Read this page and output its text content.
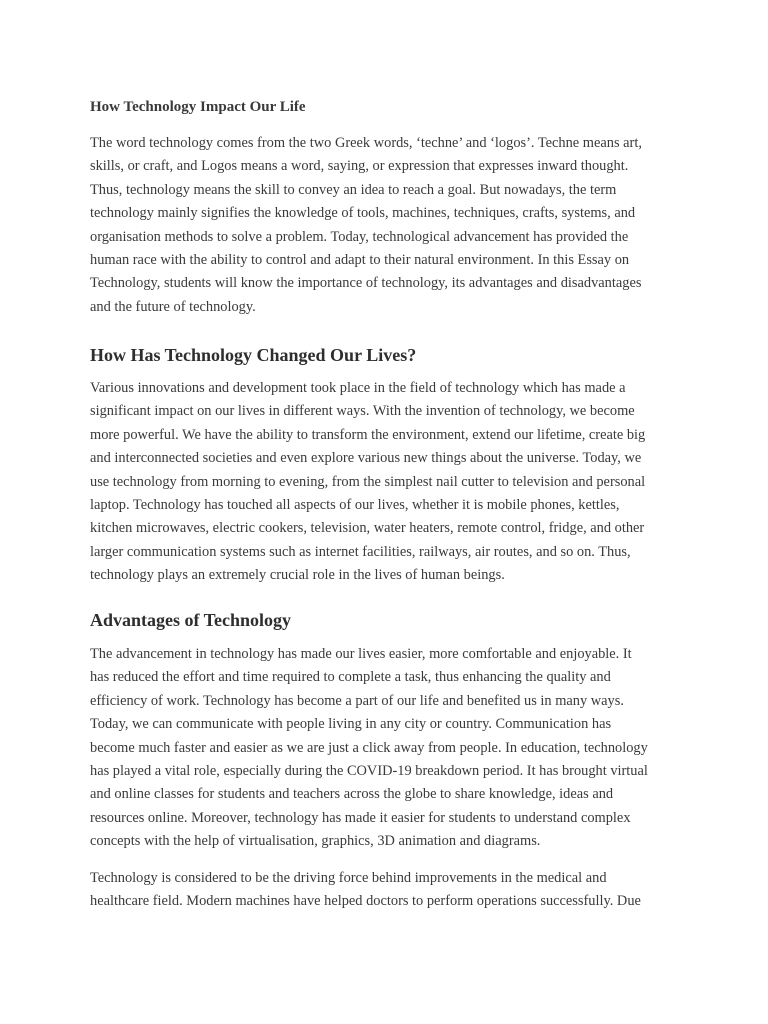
How Technology Impact Our Life

The word technology comes from the two Greek words, ‘techne’ and ‘logos’. Techne means art,
skills, or craft, and Logos means a word, saying, or expression that expresses inward thought.
Thus, technology means the skill to convey an idea to reach a goal. But nowadays, the term
technology mainly signifies the knowledge of tools, machines, techniques, crafts, systems, and
organisation methods to solve a problem. Today, technological advancement has provided the
human race with the ability to control and adapt to their natural environment. In this Essay on
Technology, students will know the importance of technology, its advantages and disadvantages
and the future of technology.

How Has Technology Changed Our Lives?

Various innovations and development took place in the field of technology which has made a
significant impact on our lives in different ways. With the invention of technology, we become
more powerful. We have the ability to transform the environment, extend our lifetime, create big
and interconnected societies and even explore various new things about the universe. Today, we
use technology from morning to evening, from the simplest nail cutter to television and personal
laptop. Technology has touched all aspects of our lives, whether it is mobile phones, kettles,
kitchen microwaves, electric cookers, television, water heaters, remote control, fridge, and other
larger communication systems such as internet facilities, railways, air routes, and so on. Thus,
technology plays an extremely crucial role in the lives of human beings.

Advantages of Technology

The advancement in technology has made our lives easier, more comfortable and enjoyable. It
has reduced the effort and time required to complete a task, thus enhancing the quality and
efficiency of work. Technology has become a part of our life and benefited us in many ways.
Today, we can communicate with people living in any city or country. Communication has
become much faster and easier as we are just a click away from people. In education, technology
has played a vital role, especially during the COVID-19 breakdown period. It has brought virtual
and online classes for students and teachers across the globe to share knowledge, ideas and
resources online. Moreover, technology has made it easier for students to understand complex
concepts with the help of virtualisation, graphics, 3D animation and diagrams.

Technology is considered to be the driving force behind improvements in the medical and
healthcare field. Modern machines have helped doctors to perform operations successfully. Due
